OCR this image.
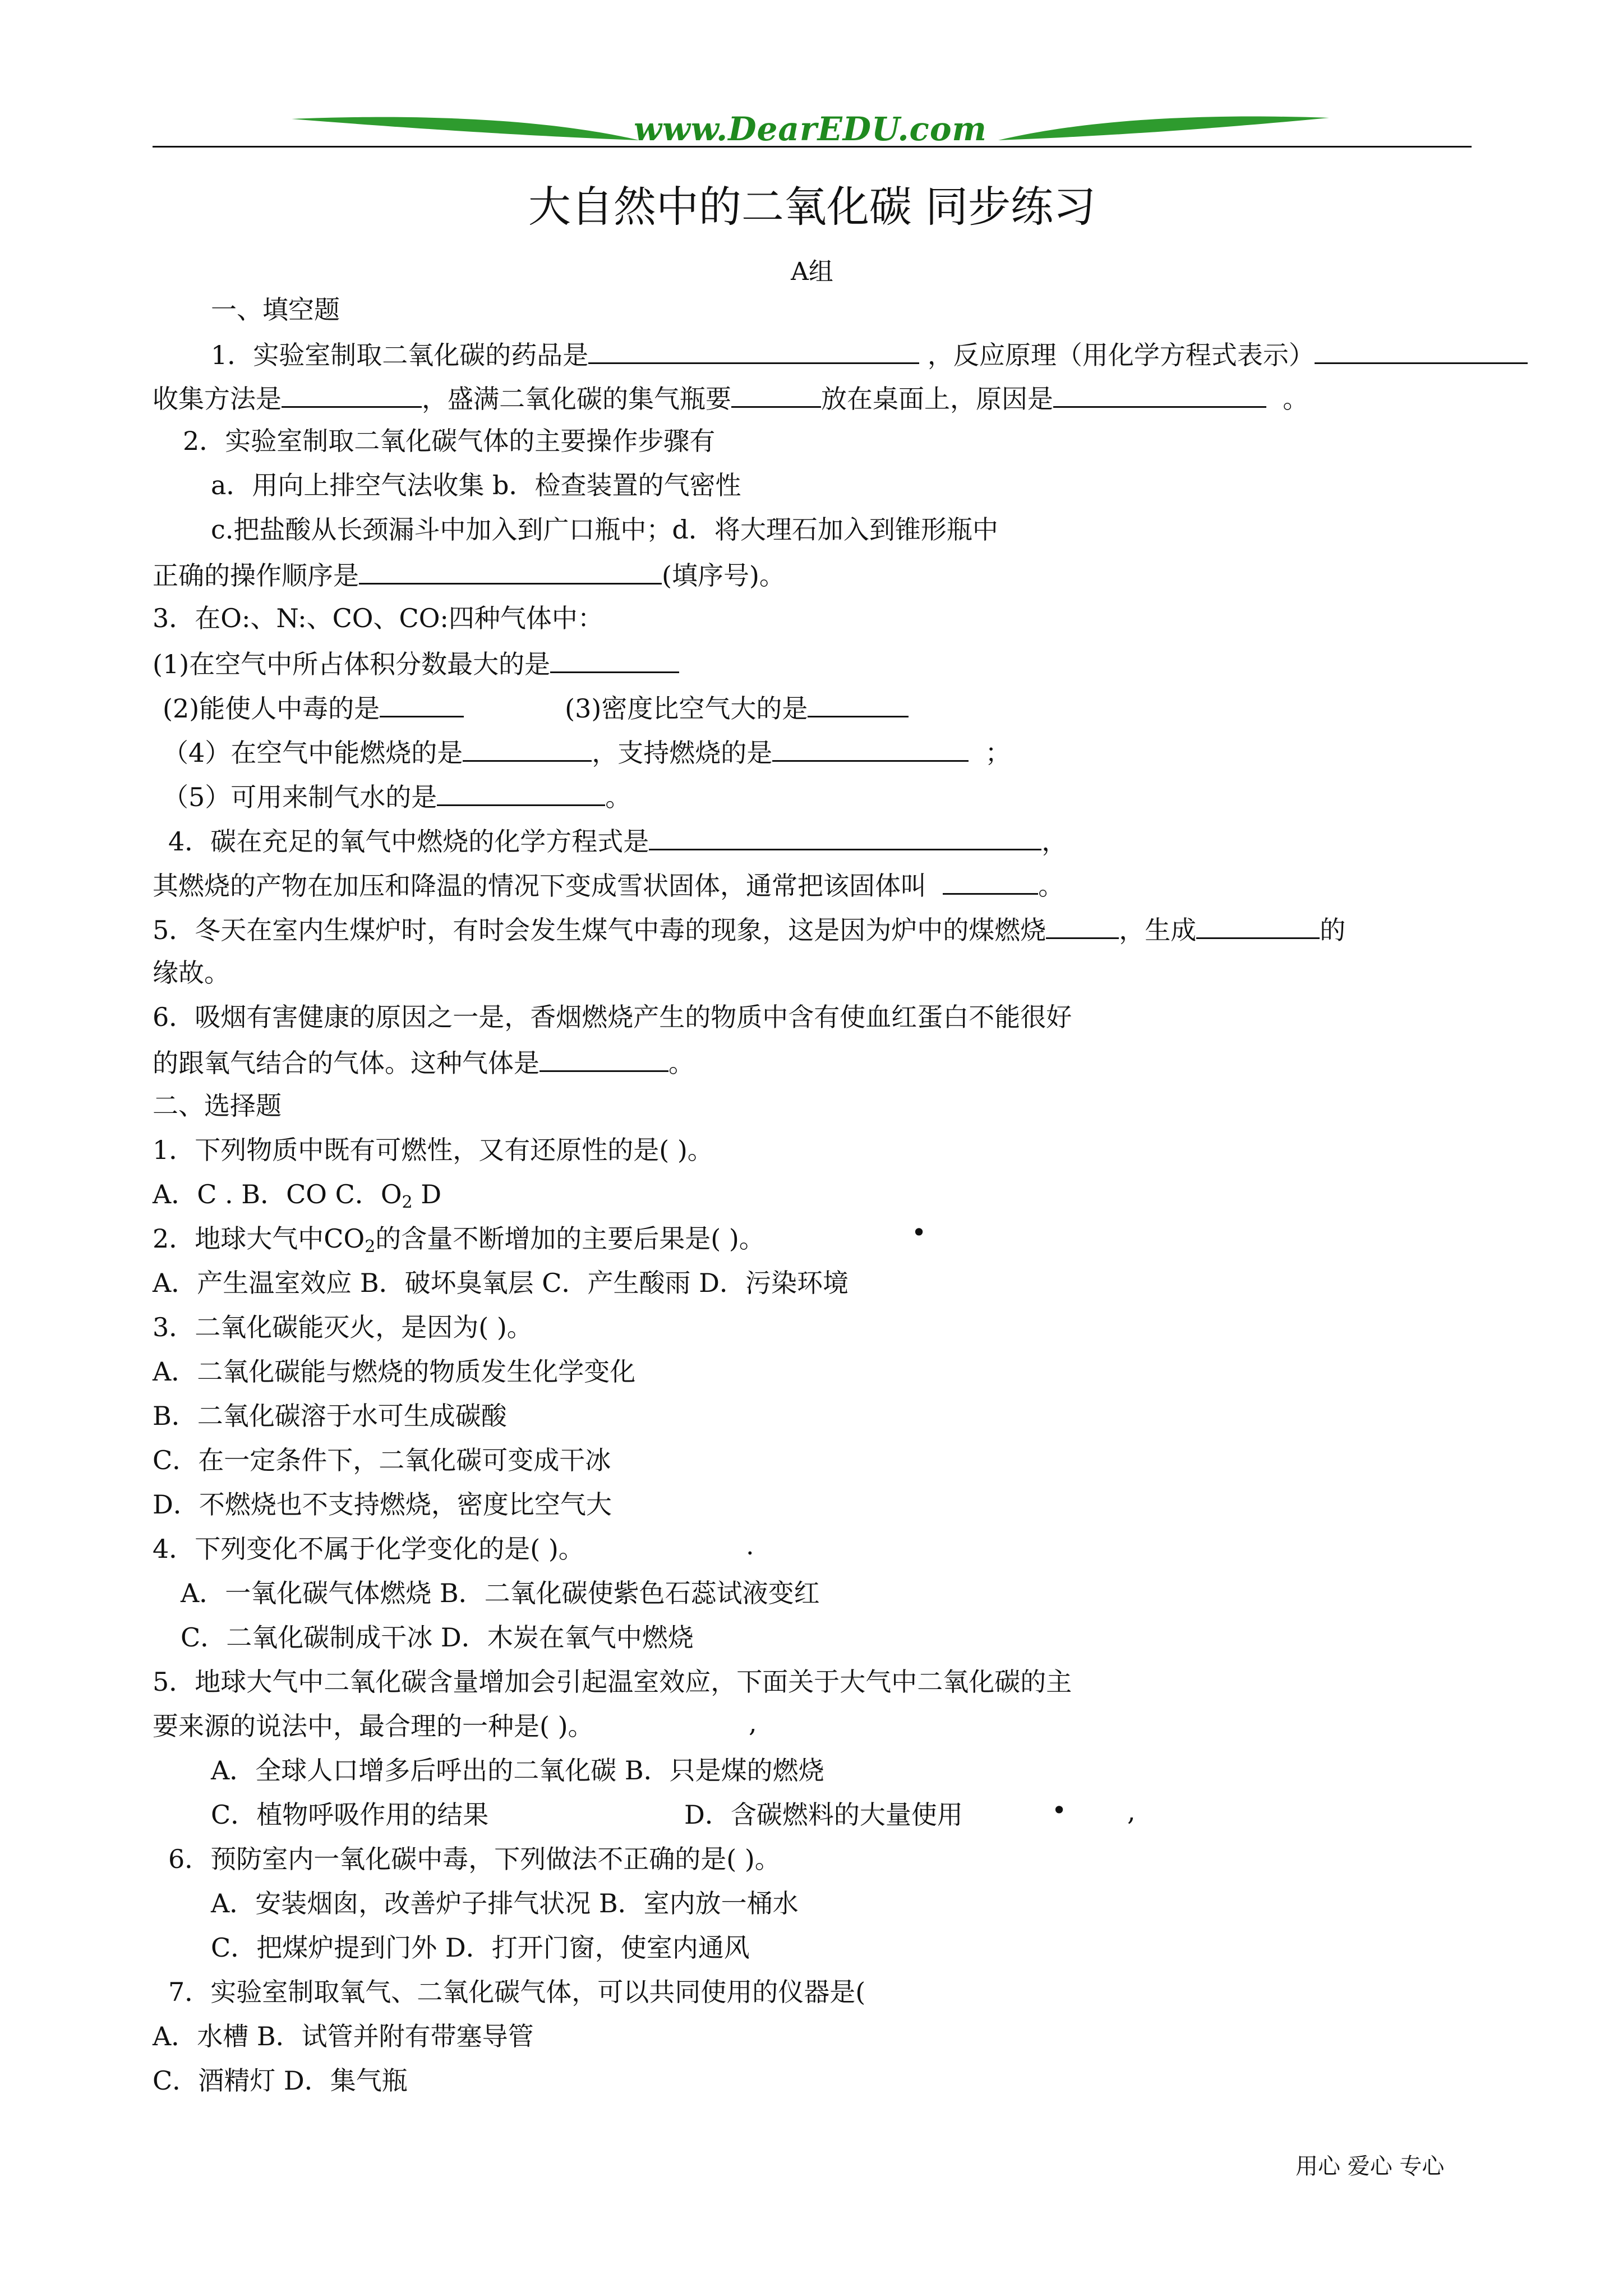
www.DearEDU.com
大自然中的二氧化碳 同步练习
A组
一、填空题
1．实验室制取二氧化碳的药品是	，反应原理（用化学方程式表示）
收集方法是	，盛满二氧化碳的集气瓶要	放在桌面上，原因是	。
2．实验室制取二氧化碳气体的主要操作步骤有
a．用向上排空气法收集 b．检查装置的气密性
c.把盐酸从长颈漏斗中加入到广口瓶中；d．将大理石加入到锥形瓶中
正确的操作顺序是	(填序号)。
3．在O:、N:、CO、CO:四种气体中：
(1)在空气中所占体积分数最大的是
(2)能使人中毒的是	(3)密度比空气大的是
（4）在空气中能燃烧的是	，支持燃烧的是	；
（5）可用来制气水的是	。
4．碳在充足的氧气中燃烧的化学方程式是	，
其燃烧的产物在加压和降温的情况下变成雪状固体，通常把该固体叫	。
5．冬天在室内生煤炉时，有时会发生煤气中毒的现象，这是因为炉中的煤燃烧	，生成	的
缘故。
6．吸烟有害健康的原因之一是，香烟燃烧产生的物质中含有使血红蛋白不能很好
的跟氧气结合的气体。这种气体是	。
二、选择题
1．下列物质中既有可燃性，又有还原性的是( )。
A．C . B．CO C．$O_2$ D
2．地球大气中$CO_2$的含量不断增加的主要后果是( )。	•
A．产生温室效应 B．破坏臭氧层 C．产生酸雨 D．污染环境
3．二氧化碳能灭火，是因为( )。
A．二氧化碳能与燃烧的物质发生化学变化
B．二氧化碳溶于水可生成碳酸
C．在一定条件下，二氧化碳可变成干冰
D．不燃烧也不支持燃烧，密度比空气大
4．下列变化不属于化学变化的是( )。	.
A．一氧化碳气体燃烧 B．二氧化碳使紫色石蕊试液变红
C．二氧化碳制成干冰 D．木炭在氧气中燃烧
5．地球大气中二氧化碳含量增加会引起温室效应，下面关于大气中二氧化碳的主
要来源的说法中，最合理的一种是( )。	,
A．全球人口增多后呼出的二氧化碳 B．只是煤的燃烧
C．植物呼吸作用的结果	D．含碳燃料的大量使用	• ,
6．预防室内一氧化碳中毒，下列做法不正确的是( )。
A．安装烟囱，改善炉子排气状况 B．室内放一桶水
C．把煤炉提到门外 D．打开门窗，使室内通风
7．实验室制取氧气、二氧化碳气体，可以共同使用的仪器是(
A．水槽 B．试管并附有带塞导管
C．酒精灯 D．集气瓶
用心 爱心 专心
